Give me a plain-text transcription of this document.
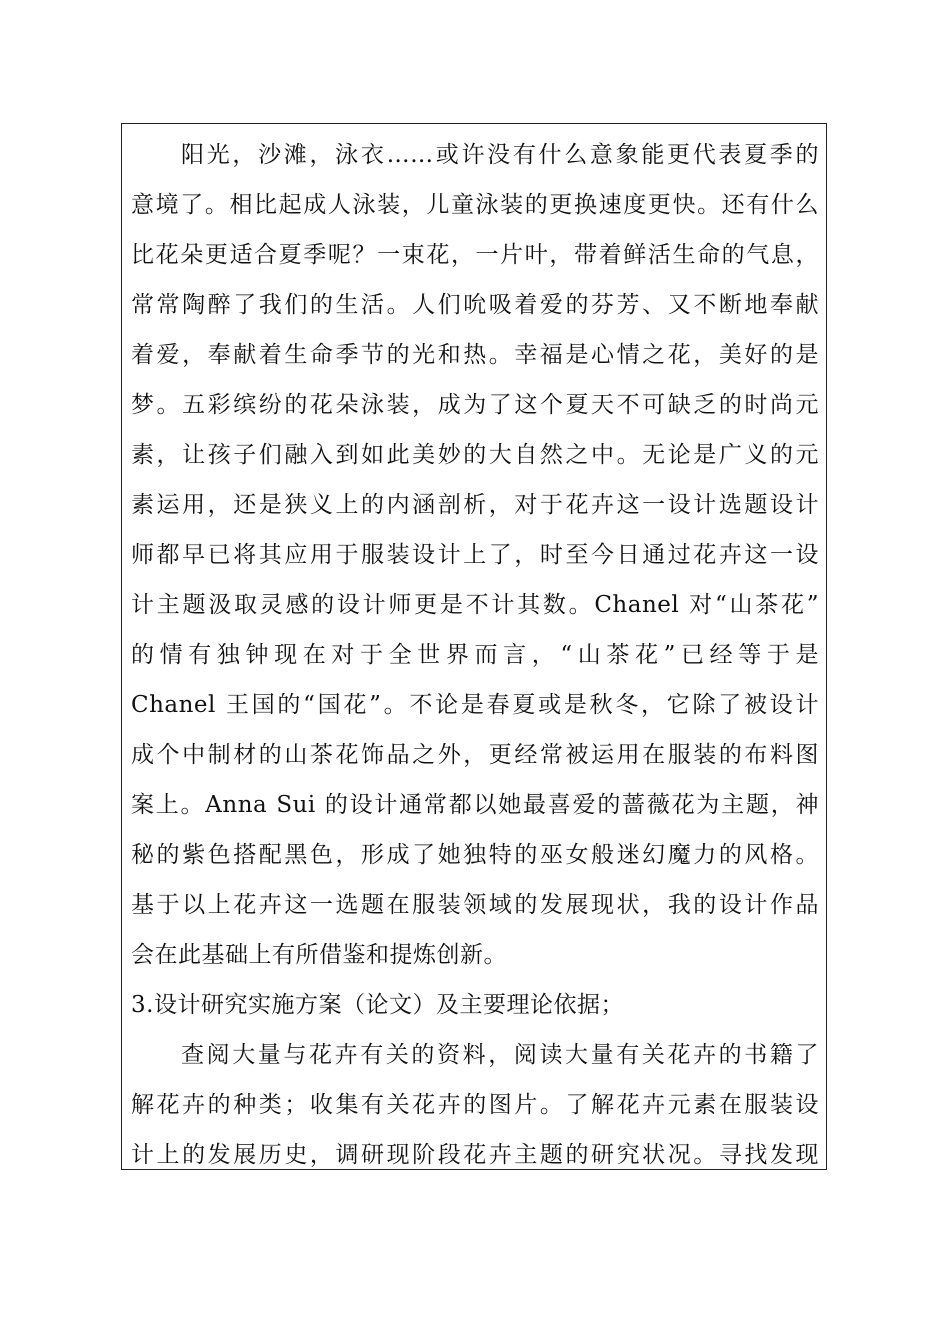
阳光，沙滩，泳衣……或许没有什么意象能更代表夏季的
意境了。相比起成人泳装，儿童泳装的更换速度更快。还有什么
比花朵更适合夏季呢？一束花，一片叶，带着鲜活生命的气息，
常常陶醉了我们的生活。人们吮吸着爱的芬芳、又不断地奉献
着爱，奉献着生命季节的光和热。幸福是心情之花，美好的是
梦。五彩缤纷的花朵泳装，成为了这个夏天不可缺乏的时尚元
素，让孩子们融入到如此美妙的大自然之中。无论是广义的元
素运用，还是狭义上的内涵剖析，对于花卉这一设计选题设计
师都早已将其应用于服装设计上了，时至今日通过花卉这一设
计主题汲取灵感的设计师更是不计其数。Chanel 对“山茶花”
的情有独钟现在对于全世界而言，“山茶花”已经等于是
Chanel 王国的“国花”。不论是春夏或是秋冬，它除了被设计
成个中制材的山茶花饰品之外，更经常被运用在服装的布料图
案上。Anna Sui 的设计通常都以她最喜爱的蔷薇花为主题，神
秘的紫色搭配黑色，形成了她独特的巫女般迷幻魔力的风格。
基于以上花卉这一选题在服装领域的发展现状，我的设计作品
会在此基础上有所借鉴和提炼创新。
3.设计研究实施方案（论文）及主要理论依据；
查阅大量与花卉有关的资料，阅读大量有关花卉的书籍了
解花卉的种类；收集有关花卉的图片。了解花卉元素在服装设
计上的发展历史，调研现阶段花卉主题的研究状况。寻找发现
